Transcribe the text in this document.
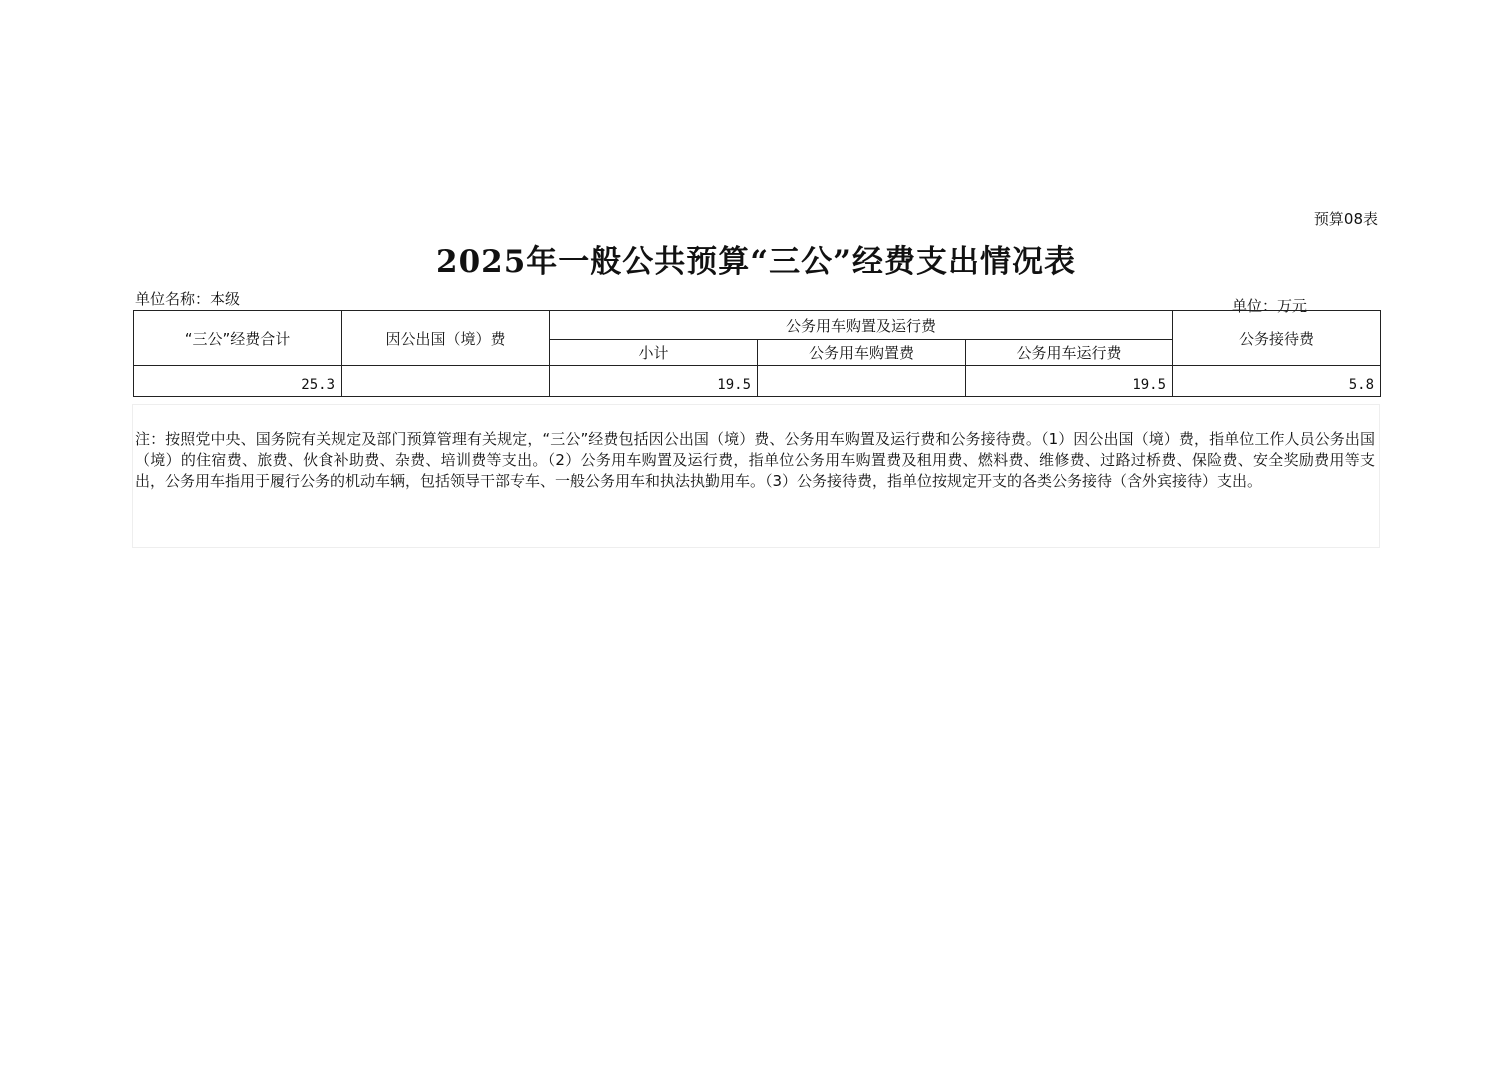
预算08表
2025年一般公共预算“三公”经费支出情况表
单位名称：本级	单位：万元
“三公”经费合计	因公出国（境）费	公务用车购置及运行费			公务接待费
		小计	公务用车购置费	公务用车运行费	
25.3		19.5		19.5	5.8
注：按照党中央、国务院有关规定及部门预算管理有关规定，“三公”经费包括因公出国（境）费、公务用车购置及运行费和公务接待费。（1）因公出国（境）费，指单位工作人员公务出国（境）的住宿费、旅费、伙食补助费、杂费、培训费等支出。（2）公务用车购置及运行费，指单位公务用车购置费及租用费、燃料费、维修费、过路过桥费、保险费、安全奖励费用等支出，公务用车指用于履行公务的机动车辆，包括领导干部专车、一般公务用车和执法执勤用车。（3）公务接待费，指单位按规定开支的各类公务接待（含外宾接待）支出。
